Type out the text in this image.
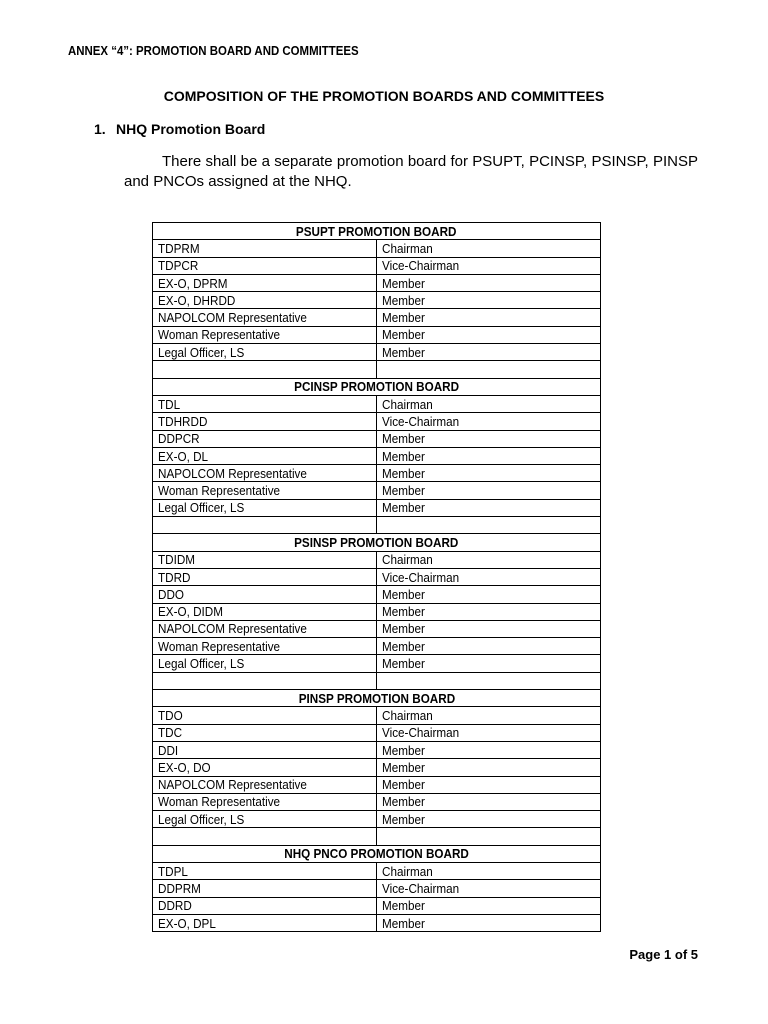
ANNEX “4”: PROMOTION BOARD AND COMMITTEES
COMPOSITION OF THE PROMOTION BOARDS AND COMMITTEES
1. NHQ Promotion Board
There shall be a separate promotion board for PSUPT, PCINSP, PSINSP, PINSP and PNCOs assigned at the NHQ.
PSUPT PROMOTION BOARD	
TDPRM	Chairman
TDPCR	Vice-Chairman
EX-O, DPRM	Member
EX-O, DHRDD	Member
NAPOLCOM Representative	Member
Woman Representative	Member
Legal Officer, LS	Member

PCINSP PROMOTION BOARD	
TDL	Chairman
TDHRDD	Vice-Chairman
DDPCR	Member
EX-O, DL	Member
NAPOLCOM Representative	Member
Woman Representative	Member
Legal Officer, LS	Member

PSINSP PROMOTION BOARD	
TDIDM	Chairman
TDRD	Vice-Chairman
DDO	Member
EX-O, DIDM	Member
NAPOLCOM Representative	Member
Woman Representative	Member
Legal Officer, LS	Member

PINSP PROMOTION BOARD	
TDO	Chairman
TDC	Vice-Chairman
DDI	Member
EX-O, DO	Member
NAPOLCOM Representative	Member
Woman Representative	Member
Legal Officer, LS	Member

NHQ PNCO PROMOTION BOARD	
TDPL	Chairman
DDPRM	Vice-Chairman
DDRD	Member
EX-O, DPL	Member
Page 1 of 5
